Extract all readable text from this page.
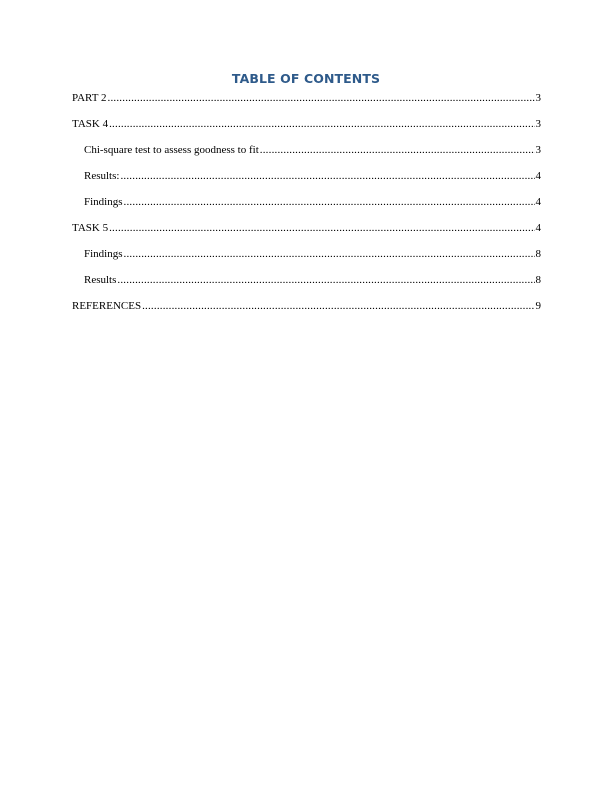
TABLE OF CONTENTS
PART 2 .....	3
TASK 4 .....	3
Chi-square test to assess goodness to fit .....	3
Results: .....	4
Findings .....	4
TASK 5 .....	4
Findings .....	8
Results .....	8
REFERENCES .....	9
